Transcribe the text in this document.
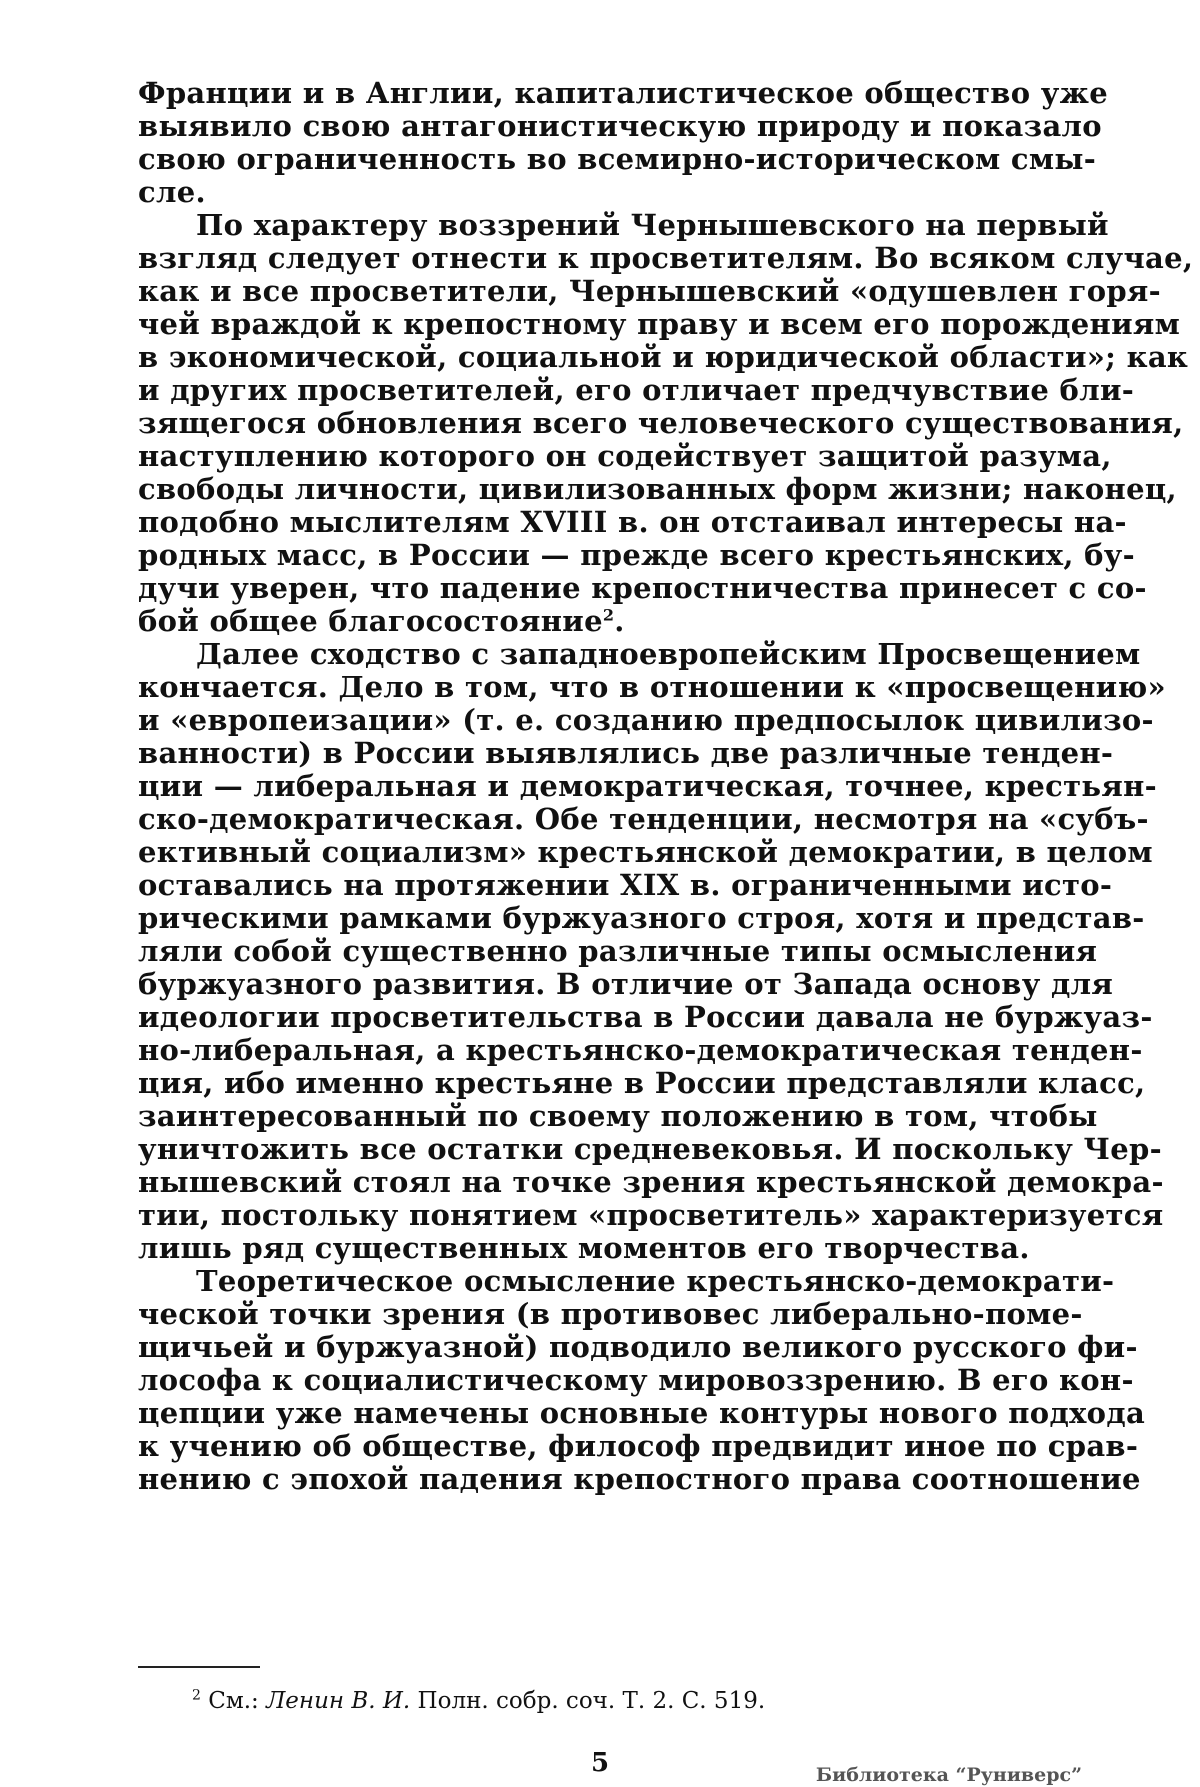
Франции и в Англии, капиталистическое общество уже
выявило свою антагонистическую природу и показало
свою ограниченность во всемирно-историческом смы-
сле.
По характеру воззрений Чернышевского на первый
взгляд следует отнести к просветителям. Во всяком случае,
как и все просветители, Чернышевский «одушевлен горя-
чей враждой к крепостному праву и всем его порождениям
в экономической, социальной и юридической области»; как
и других просветителей, его отличает предчувствие бли-
зящегося обновления всего человеческого существования,
наступлению которого он содействует защитой разума,
свободы личности, цивилизованных форм жизни; наконец,
подобно мыслителям XVIII в. он отстаивал интересы на-
родных масс, в России — прежде всего крестьянских, бу-
дучи уверен, что падение крепостничества принесет с со-
бой общее благосостояние$^2$.
Далее сходство с западноевропейским Просвещением
кончается. Дело в том, что в отношении к «просвещению»
и «европеизации» (т. е. созданию предпосылок цивилизо-
ванности) в России выявлялись две различные тенден-
ции — либеральная и демократическая, точнее, крестьян-
ско-демократическая. Обе тенденции, несмотря на «субъ-
ективный социализм» крестьянской демократии, в целом
оставались на протяжении XIX в. ограниченными исто-
рическими рамками буржуазного строя, хотя и представ-
ляли собой существенно различные типы осмысления
буржуазного развития. В отличие от Запада основу для
идеологии просветительства в России давала не буржуаз-
но-либеральная, а крестьянско-демократическая тенден-
ция, ибо именно крестьяне в России представляли класс,
заинтересованный по своему положению в том, чтобы
уничтожить все остатки средневековья. И поскольку Чер-
нышевский стоял на точке зрения крестьянской демокра-
тии, постольку понятием «просветитель» характеризуется
лишь ряд существенных моментов его творчества.
Теоретическое осмысление крестьянско-демократи-
ческой точки зрения (в противовес либерально-поме-
щичьей и буржуазной) подводило великого русского фи-
лософа к социалистическому мировоззрению. В его кон-
цепции уже намечены основные контуры нового подхода
к учению об обществе, философ предвидит иное по срав-
нению с эпохой падения крепостного права соотношение
$^2$ См.: Ленин В. И. Полн. собр. соч. Т. 2. С. 519.
5	Библиотека “Руниверс”
